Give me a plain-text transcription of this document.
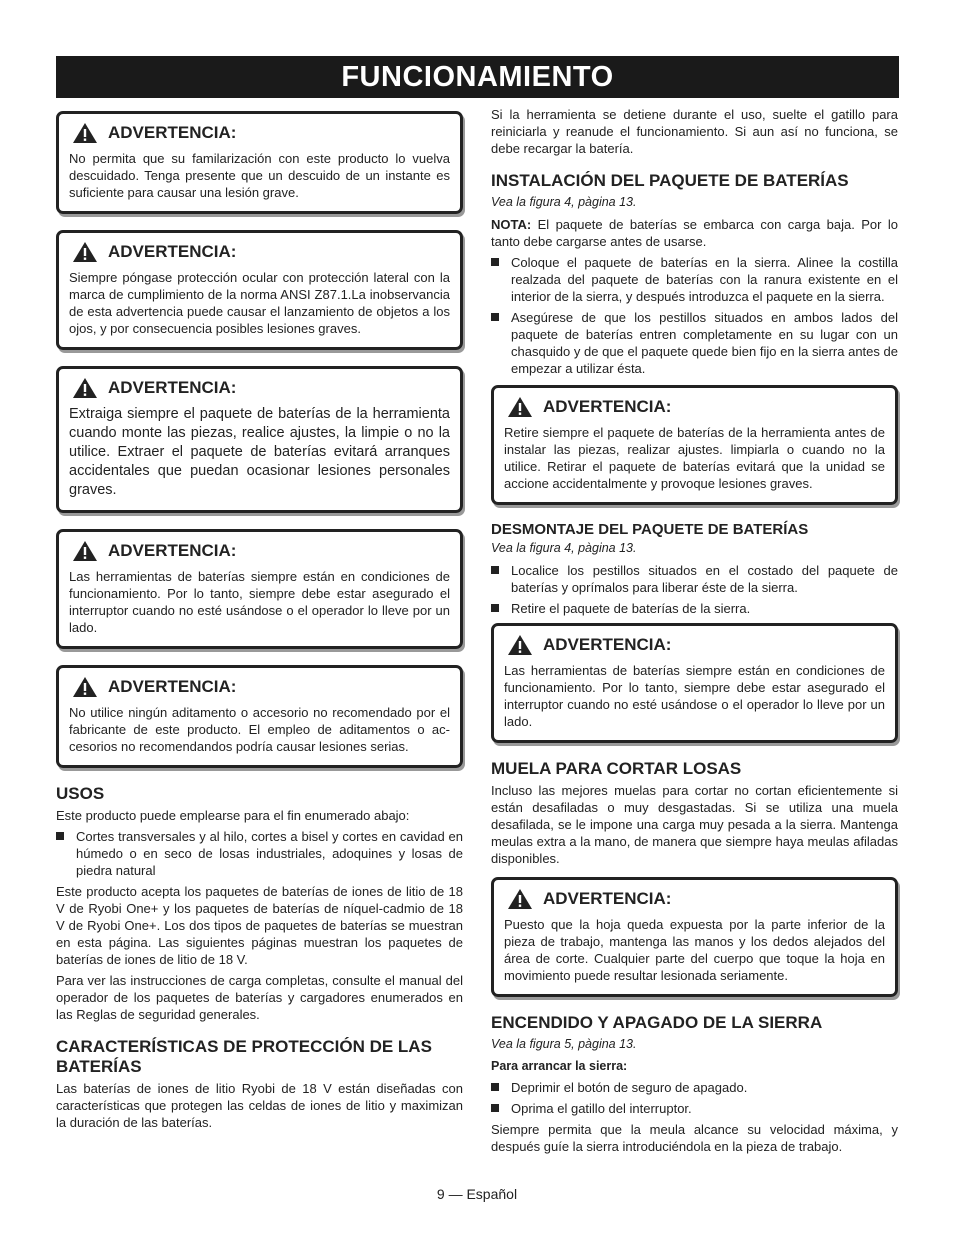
FUNCIONAMIENTO
ADVERTENCIA:

No permita que su familarización con este producto lo vuelva descuidado. Tenga presente que un descuido de un instante es suficiente para causar una lesión grave.

ADVERTENCIA:

Siempre póngase protección ocular con protección lateral con la marca de cumplimiento de la norma ANSI Z87.1.La inobservancia de esta advertencia puede causar el lanzamiento de objetos a los ojos, y por consecuencia posibles lesiones graves.

ADVERTENCIA:

Extraiga siempre el paquete de baterías de la herramienta cuando monte las piezas, realice ajustes, la limpie o no la utilice. Extraer el paquete de baterías evitará arranques accidentales que puedan ocasionar lesiones personales graves.

ADVERTENCIA:

Las herramientas de baterías siempre están en condiciones de funcionamiento. Por lo tanto, siempre debe estar asegurado el interruptor cuando no esté usándose o el operador lo lleve por un lado.

ADVERTENCIA:

No utilice ningún aditamento o accesorio no recomendado por el fabricante de este producto. El empleo de aditamentos o accesorios no recomendandos podría causar lesiones serias.

USOS

Este producto puede emplearse para el fin enumerado abajo:

Cortes transversales y al hilo, cortes a bisel y cortes en cavidad en húmedo o en seco de losas industriales, adoquines y losas de piedra natural

Este producto acepta los paquetes de baterías de iones de litio de 18 V de Ryobi One+ y los paquetes de baterías de níquel-cadmio de 18 V de Ryobi One+. Los dos tipos de paquetes de baterías se muestran en esta página. Las siguientes páginas muestran los paquetes de baterías de iones de litio de 18 V.

Para ver las instrucciones de carga completas, consulte el manual del operador de los paquetes de baterías y cargadores enumerados en las Reglas de seguridad generales.

CARACTERÍSTICAS DE PROTECCIÓN DE LAS BATERÍAS

Las baterías de iones de litio Ryobi de 18 V están diseñadas con características que protegen las celdas de iones de litio y maximizan la duración de las baterías.

Si la herramienta se detiene durante el uso, suelte el gatillo para reiniciarla y reanude el funcionamiento. Si aun así no funciona, se debe recargar la batería.

INSTALACIÓN DEL PAQUETE DE BATERÍAS

Vea la figura 4, pàgina 13.

NOTA: El paquete de baterías se embarca con carga baja. Por lo tanto debe cargarse antes de usarse.

Coloque el paquete de baterías en la sierra. Alinee la costilla realzada del paquete de baterías con la ranura existente en el interior de la sierra, y después introduzca el paquete en la sierra.
Asegúrese de que los pestillos situados en ambos lados del paquete de baterías entren completamente en su lugar con un chasquido y de que el paquete quede bien fijo en la sierra antes de empezar a utilizar ésta.
ADVERTENCIA:

Retire siempre el paquete de baterías de la herramienta antes de instalar las piezas, realizar ajustes. limpiarla o cuando no la utilice. Retirar el paquete de baterías evitará que la unidad se accione accidentalmente y provoque lesiones graves.

DESMONTAJE DEL PAQUETE DE BATERÍAS

Vea la figura 4, pàgina 13.

Localice los pestillos situados en el costado del paquete de baterías y oprímalos para liberar éste de la sierra.
Retire el paquete de baterías de la sierra.
ADVERTENCIA:

Las herramientas de baterías siempre están en condiciones de funcionamiento. Por lo tanto, siempre debe estar asegurado el interruptor cuando no esté usándose o el operador lo lleve por un lado.

MUELA PARA CORTAR LOSAS

Incluso las mejores muelas para cortar no cortan eficientemente si están desafiladas o muy desgastadas. Si se utiliza una muela desafilada, se le impone una carga muy pesada a la sierra. Mantenga meulas extra a la mano, de manera que siempre haya meulas afiladas disponibles.

ADVERTENCIA:

Puesto que la hoja queda expuesta por la parte inferior de la pieza de trabajo, mantenga las manos y los dedos alejados del área de corte. Cualquier parte del cuerpo que toque la hoja en movimiento puede resultar lesionada seriamente.

ENCENDIDO Y APAGADO DE LA SIERRA

Vea la figura 5, pàgina 13.

Para arrancar la sierra:

Deprimir el botón de seguro de apagado.
Oprima el gatillo del interruptor.

Siempre permita que la meula alcance su velocidad máxima, y después guíe la sierra introduciéndola en la pieza de trabajo.

9 — Español
